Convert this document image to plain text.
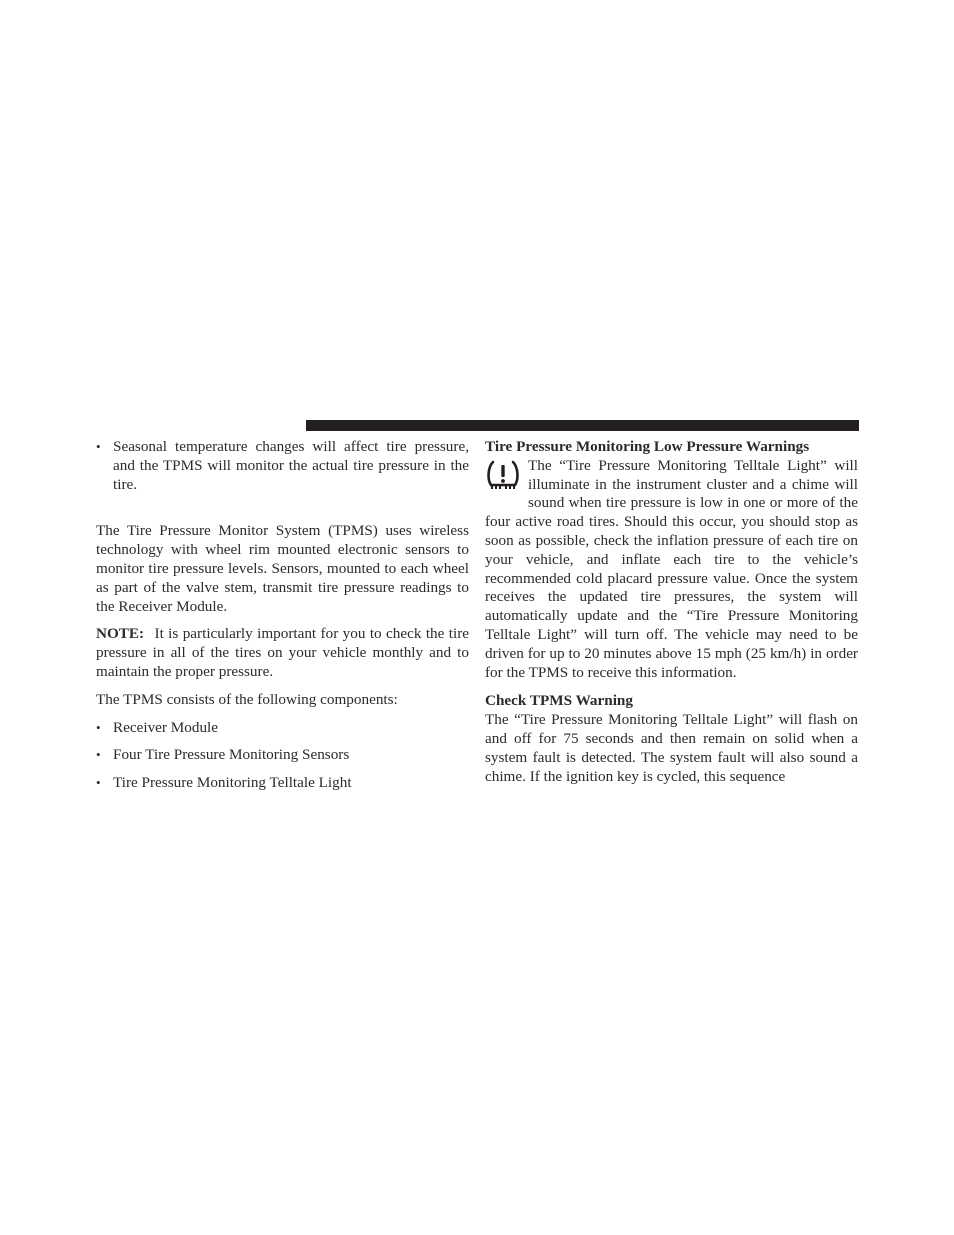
• Seasonal temperature changes will affect tire pressure, and the TPMS will monitor the actual tire pressure in the tire.

The Tire Pressure Monitor System (TPMS) uses wireless technology with wheel rim mounted electronic sensors to monitor tire pressure levels. Sensors, mounted to each wheel as part of the valve stem, transmit tire pressure readings to the Receiver Module.

NOTE: It is particularly important for you to check the tire pressure in all of the tires on your vehicle monthly and to maintain the proper pressure.

The TPMS consists of the following components:

• Receiver Module
• Four Tire Pressure Monitoring Sensors
• Tire Pressure Monitoring Telltale Light
Tire Pressure Monitoring Low Pressure Warnings

The “Tire Pressure Monitoring Telltale Light” will illuminate in the instrument cluster and a chime will sound when tire pressure is low in one or more of the four active road tires. Should this occur, you should stop as soon as possible, check the inflation pressure of each tire on your vehicle, and inflate each tire to the vehicle’s recommended cold placard pressure value. Once the system receives the updated tire pressures, the system will automatically update and the “Tire Pressure Monitoring Telltale Light” will turn off. The vehicle may need to be driven for up to 20 minutes above 15 mph (25 km/h) in order for the TPMS to receive this information.

Check TPMS Warning

The “Tire Pressure Monitoring Telltale Light” will flash on and off for 75 seconds and then remain on solid when a system fault is detected. The system fault will also sound a chime. If the ignition key is cycled, this sequence
